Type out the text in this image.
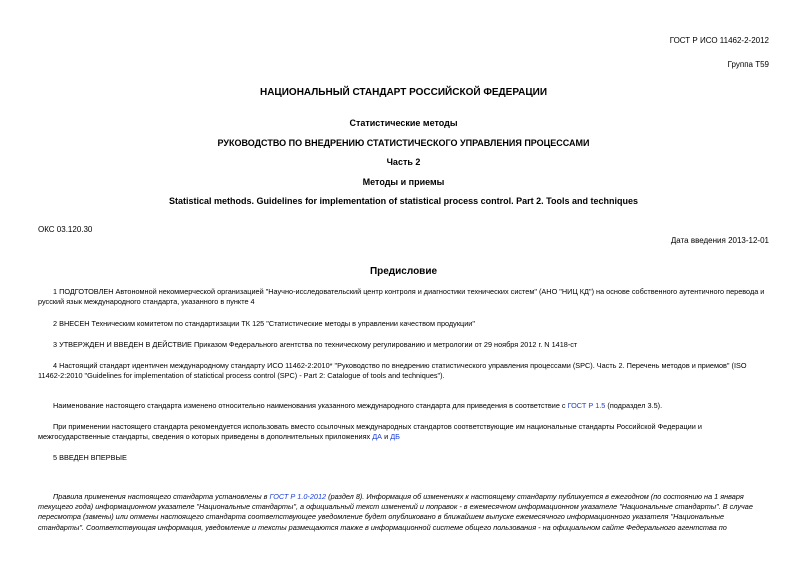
ГОСТ Р ИСО 11462-2-2012
Группа Т59
НАЦИОНАЛЬНЫЙ СТАНДАРТ РОССИЙСКОЙ ФЕДЕРАЦИИ
Статистические методы
РУКОВОДСТВО ПО ВНЕДРЕНИЮ СТАТИСТИЧЕСКОГО УПРАВЛЕНИЯ ПРОЦЕССАМИ
Часть 2
Методы и приемы
Statistical methods. Guidelines for implementation of statistical process control. Part 2. Tools and techniques
ОКС 03.120.30
Дата введения 2013-12-01
Предисловие
1 ПОДГОТОВЛЕН Автономной некоммерческой организацией "Научно-исследовательский центр контроля и диагностики технических систем" (АНО "НИЦ КД") на основе собственного аутентичного перевода и русский язык международного стандарта, указанного в пункте 4
2 ВНЕСЕН Техническим комитетом по стандартизации ТК 125 "Статистические методы в управлении качеством продукции"
3 УТВЕРЖДЕН И ВВЕДЕН В ДЕЙСТВИЕ Приказом Федерального агентства по техническому регулированию и метрологии от 29 ноября 2012 г. N 1418-ст
4 Настоящий стандарт идентичен международному стандарту ИСО 11462-2:2010* "Руководство по внедрению статистического управления процессами (SPC). Часть 2. Перечень методов и приемов" (ISO 11462-2:2010 "Guidelines for implementation of statictical process control (SPC) - Part 2: Catalogue of tools and techniques").
Наименование настоящего стандарта изменено относительно наименования указанного международного стандарта для приведения в соответствие с ГОСТ Р 1.5 (подраздел 3.5).
При применении настоящего стандарта рекомендуется использовать вместо ссылочных международных стандартов соответствующие им национальные стандарты Российской Федерации и межгосударственные стандарты, сведения о которых приведены в дополнительных приложениях ДА и ДБ
5 ВВЕДЕН ВПЕРВЫЕ
Правила применения настоящего стандарта установлены в ГОСТ Р 1.0-2012 (раздел 8). Информация об изменениях к настоящему стандарту публикуется в ежегодном (по состоянию на 1 января текущего года) информационном указателе "Национальные стандарты", а официальный текст изменений и поправок - в ежемесячном информационном указателе "Национальные стандарты". В случае пересмотра (замены) или отмены настоящего стандарта соответствующее уведомление будет опубликовано в ближайшем выпуске ежемесячного информационного указателя "Национальные стандарты". Соответствующая информация, уведомление и тексты размещаются также в информационной системе общего пользования - на официальном сайте Федерального агентства по
